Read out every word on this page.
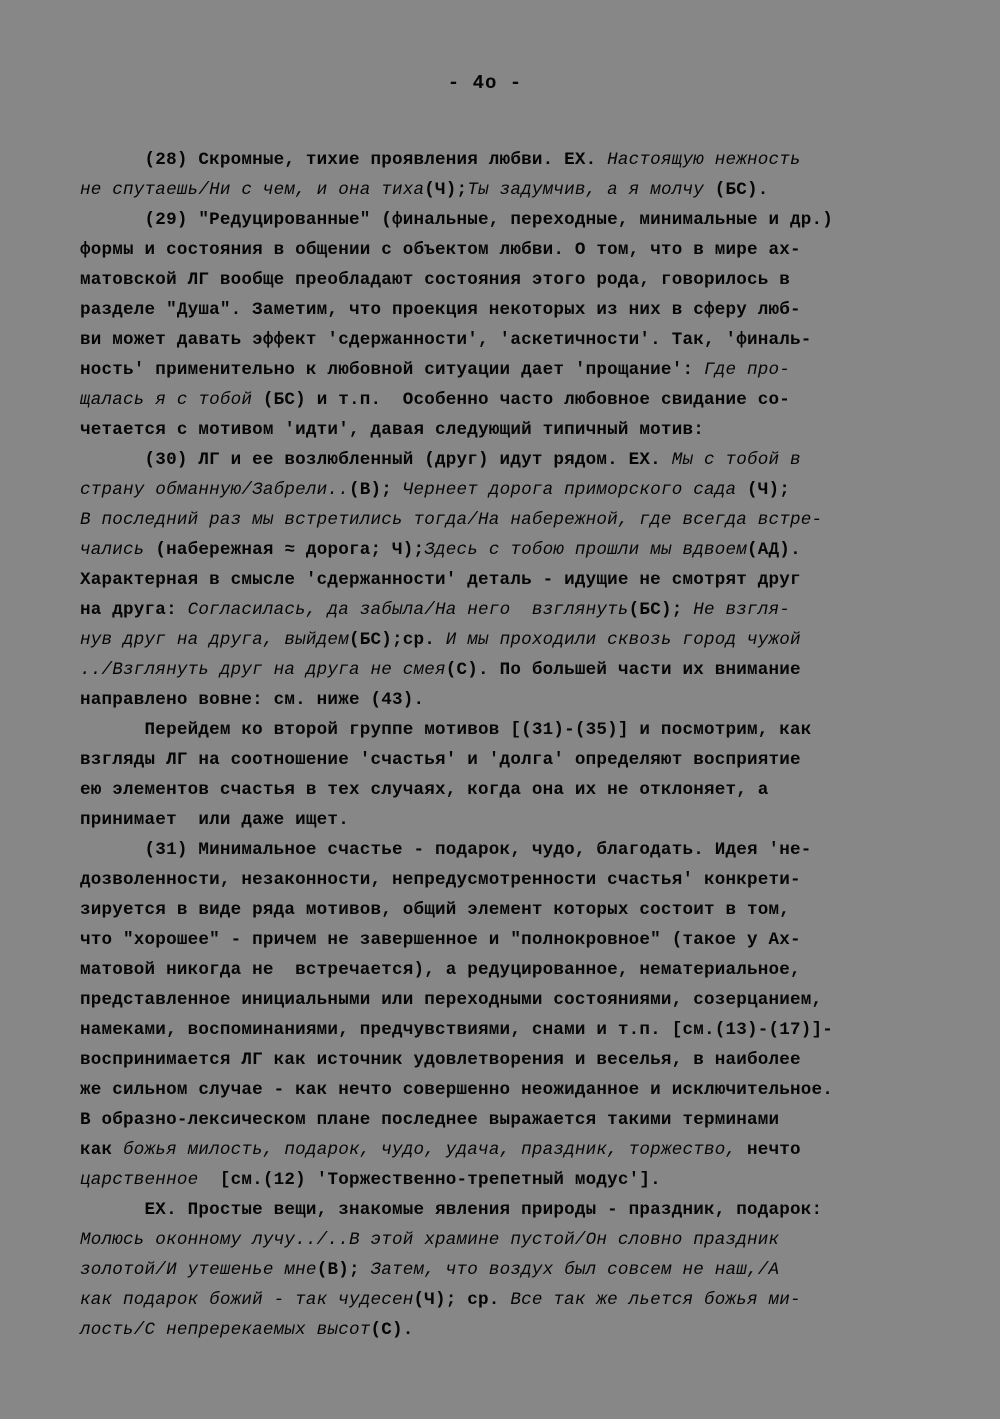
- 4о -
(28) Скромные, тихие проявления любви. EX. Настоящую нежность
не спутаешь/Ни с чем, и она тиха(Ч);Ты задумчив, а я молчу (БС).
(29) "Редуцированные" (финальные, переходные, минимальные и др.)
формы и состояния в общении с объектом любви. О том, что в мире ах-
матовской ЛГ вообще преобладают состояния этого рода, говорилось в
разделе "Душа". Заметим, что проекция некоторых из них в сферу люб-
ви может давать эффект 'сдержанности', 'аскетичности'. Так, 'финаль-
ность' применительно к любовной ситуации дает 'прощание': Где про-
щалась я с тобой (БС) и т.п.  Особенно часто любовное свидание со-
четается с мотивом 'идти', давая следующий типичный мотив:
(30) ЛГ и ее возлюбленный (друг) идут рядом. EX. Мы с тобой в
страну обманную/Забрели..(В); Чернеет дорога приморского сада (Ч);
В последний раз мы встретились тогда/На набережной, где всегда встре-
чались (набережная ≈ дорога; Ч);Здесь с тобою прошли мы вдвоем(АД).
Характерная в смысле 'сдержанности' деталь - идущие не смотрят друг
на друга: Согласилась, да забыла/На него  взглянуть(БС); Не взгля-
нув друг на друга, выйдем(БС);ср. И мы проходили сквозь город чужой
../Взглянуть друг на друга не смея(С). По большей части их внимание
направлено вовне: см. ниже (43).
Перейдем ко второй группе мотивов [(31)-(35)] и посмотрим, как
взгляды ЛГ на соотношение 'счастья' и 'долга' определяют восприятие
ею элементов счастья в тех случаях, когда она их не отклоняет, а
принимает  или даже ищет.
(31) Минимальное счастье - подарок, чудо, благодать. Идея 'не-
дозволенности, незаконности, непредусмотренности счастья' конкрети-
зируется в виде ряда мотивов, общий элемент которых состоит в том,
что "хорошее" - причем не завершенное и "полнокровное" (такое у Ах-
матовой никогда не  встречается), а редуцированное, нематериальное,
представленное инициальными или переходными состояниями, созерцанием,
намеками, воспоминаниями, предчувствиями, снами и т.п. [см.(13)-(17)]-
воспринимается ЛГ как источник удовлетворения и веселья, в наиболее
же сильном случае - как нечто совершенно неожиданное и исключительное.
В образно-лексическом плане последнее выражается такими терминами
как божья милость, подарок, чудо, удача, праздник, торжество, нечто
царственное  [см.(12) 'Торжественно-трепетный модус'].
EX. Простые вещи, знакомые явления природы - праздник, подарок:
Молюсь оконному лучу../..В этой храмине пустой/Он словно праздник
золотой/И утешенье мне(В); Затем, что воздух был совсем не наш,/А
как подарок божий - так чудесен(Ч); ср. Все так же льется божья ми-
лость/С непререкаемых высот(С).
